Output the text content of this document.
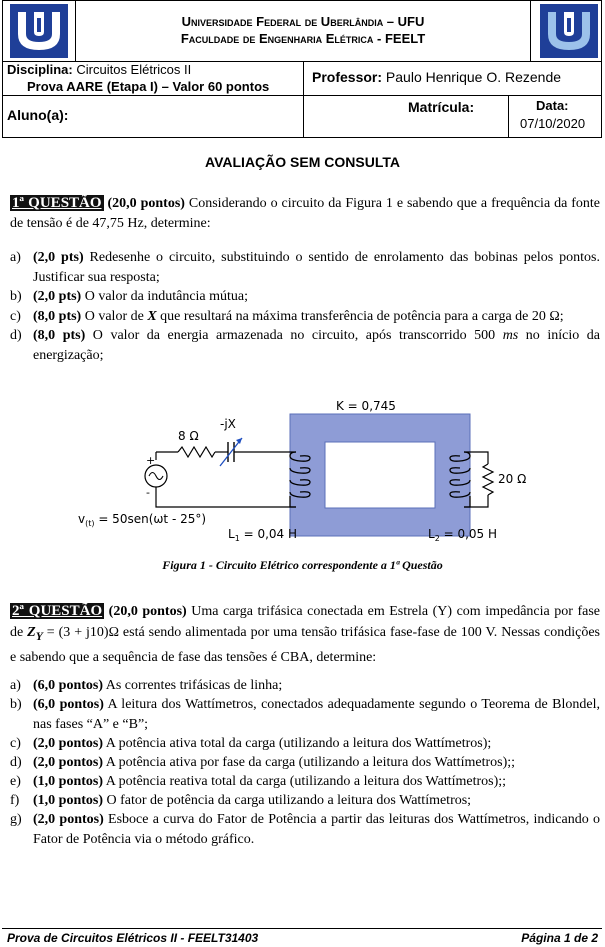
Universidade Federal de Uberlândia – UFU
Faculdade de Engenharia Elétrica - FEELT
Disciplina: Circuitos Elétricos II
Prova AARE (Etapa I) – Valor 60 pontos
Professor: Paulo Henrique O. Rezende
Aluno(a):	Matrícula:	Data:
07/10/2020
AVALIAÇÃO SEM CONSULTA
1ª QUESTÃO (20,0 pontos) Considerando o circuito da Figura 1 e sabendo que a frequência da fonte de tensão é de 47,75 Hz, determine:
a) (2,0 pts) Redesenhe o circuito, substituindo o sentido de enrolamento das bobinas pelos pontos. Justificar sua resposta;
b) (2,0 pts) O valor da indutância mútua;
c) (8,0 pts) O valor de X que resultará na máxima transferência de potência para a carga de 20 Ω;
d) (8,0 pts) O valor da energia armazenada no circuito, após transcorrido 500 ms no início da energização;
K = 0,745
-jX
8 Ω
20 Ω
+
-
$v_{(t)} = 50sen(\omega t - 25^\circ)$
$L_1 = 0,04$ H	$L_2 = 0,05$ H
Figura 1 - Circuito Elétrico correspondente a 1ª Questão
2ª QUESTÃO (20,0 pontos) Uma carga trifásica conectada em Estrela (Y) com impedância por fase de $Z_Y = (3 + j10)\Omega$ está sendo alimentada por uma tensão trifásica fase-fase de 100 V. Nessas condições e sabendo que a sequência de fase das tensões é CBA, determine:
a) (6,0 pontos) As correntes trifásicas de linha;
b) (6,0 pontos) A leitura dos Wattímetros, conectados adequadamente segundo o Teorema de Blondel, nas fases “A” e “B”;
c) (2,0 pontos) A potência ativa total da carga (utilizando a leitura dos Wattímetros);
d) (2,0 pontos) A potência ativa por fase da carga (utilizando a leitura dos Wattímetros);;
e) (1,0 pontos) A potência reativa total da carga (utilizando a leitura dos Wattímetros);;
f) (1,0 pontos) O fator de potência da carga utilizando a leitura dos Wattímetros;
g) (2,0 pontos) Esboce a curva do Fator de Potência a partir das leituras dos Wattímetros, indicando o Fator de Potência via o método gráfico.
Prova de Circuitos Elétricos II - FEELT31403	Página 1 de 2
